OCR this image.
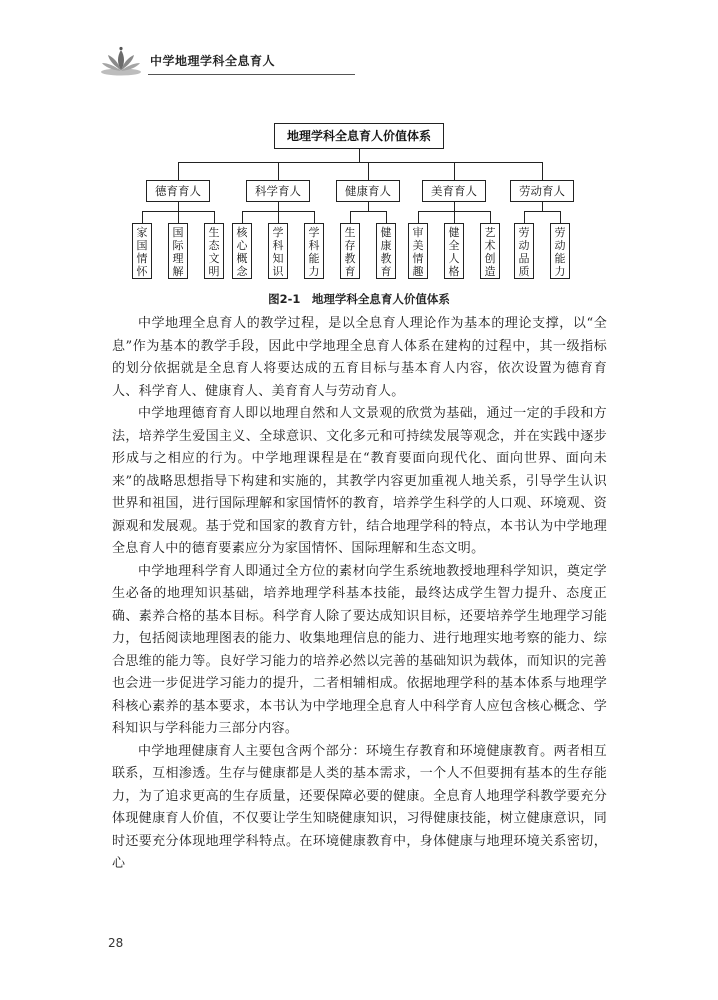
中学地理学科全息育人
地理学科全息育人价值体系
德育育人
家
国
情
怀
国
际
理
解
生
态
文
明
科学育人
核
心
概
念
学
科
知
识
学
科
能
力
健康育人
生
存
教
育
健
康
教
育
美育育人
审
美
情
趣
健
全
人
格
艺
术
创
造
劳动育人
劳
动
品
质
劳
动
能
力
图2-1　地理学科全息育人价值体系

中学地理全息育人的教学过程，是以全息育人理论作为基本的理论支撑，以“全息”作为基本的教学手段，因此中学地理全息育人体系在建构的过程中，其一级指标的划分依据就是全息育人将要达成的五育目标与基本育人内容，依次设置为德育育人、科学育人、健康育人、美育育人与劳动育人。

中学地理德育育人即以地理自然和人文景观的欣赏为基础，通过一定的手段和方法，培养学生爱国主义、全球意识、文化多元和可持续发展等观念，并在实践中逐步形成与之相应的行为。中学地理课程是在“教育要面向现代化、面向世界、面向未来”的战略思想指导下构建和实施的，其教学内容更加重视人地关系，引导学生认识世界和祖国，进行国际理解和家国情怀的教育，培养学生科学的人口观、环境观、资源观和发展观。基于党和国家的教育方针，结合地理学科的特点，本书认为中学地理全息育人中的德育要素应分为家国情怀、国际理解和生态文明。

中学地理科学育人即通过全方位的素材向学生系统地教授地理科学知识，奠定学生必备的地理知识基础，培养地理学科基本技能，最终达成学生智力提升、态度正确、素养合格的基本目标。科学育人除了要达成知识目标，还要培养学生地理学习能力，包括阅读地理图表的能力、收集地理信息的能力、进行地理实地考察的能力、综合思维的能力等。良好学习能力的培养必然以完善的基础知识为载体，而知识的完善也会进一步促进学习能力的提升，二者相辅相成。依据地理学科的基本体系与地理学科核心素养的基本要求，本书认为中学地理全息育人中科学育人应包含核心概念、学科知识与学科能力三部分内容。

中学地理健康育人主要包含两个部分：环境生存教育和环境健康教育。两者相互联系，互相渗透。生存与健康都是人类的基本需求，一个人不但要拥有基本的生存能力，为了追求更高的生存质量，还要保障必要的健康。全息育人地理学科教学要充分体现健康育人价值，不仅要让学生知晓健康知识，习得健康技能，树立健康意识，同时还要充分体现地理学科特点。在环境健康教育中，身体健康与地理环境关系密切，心

28
